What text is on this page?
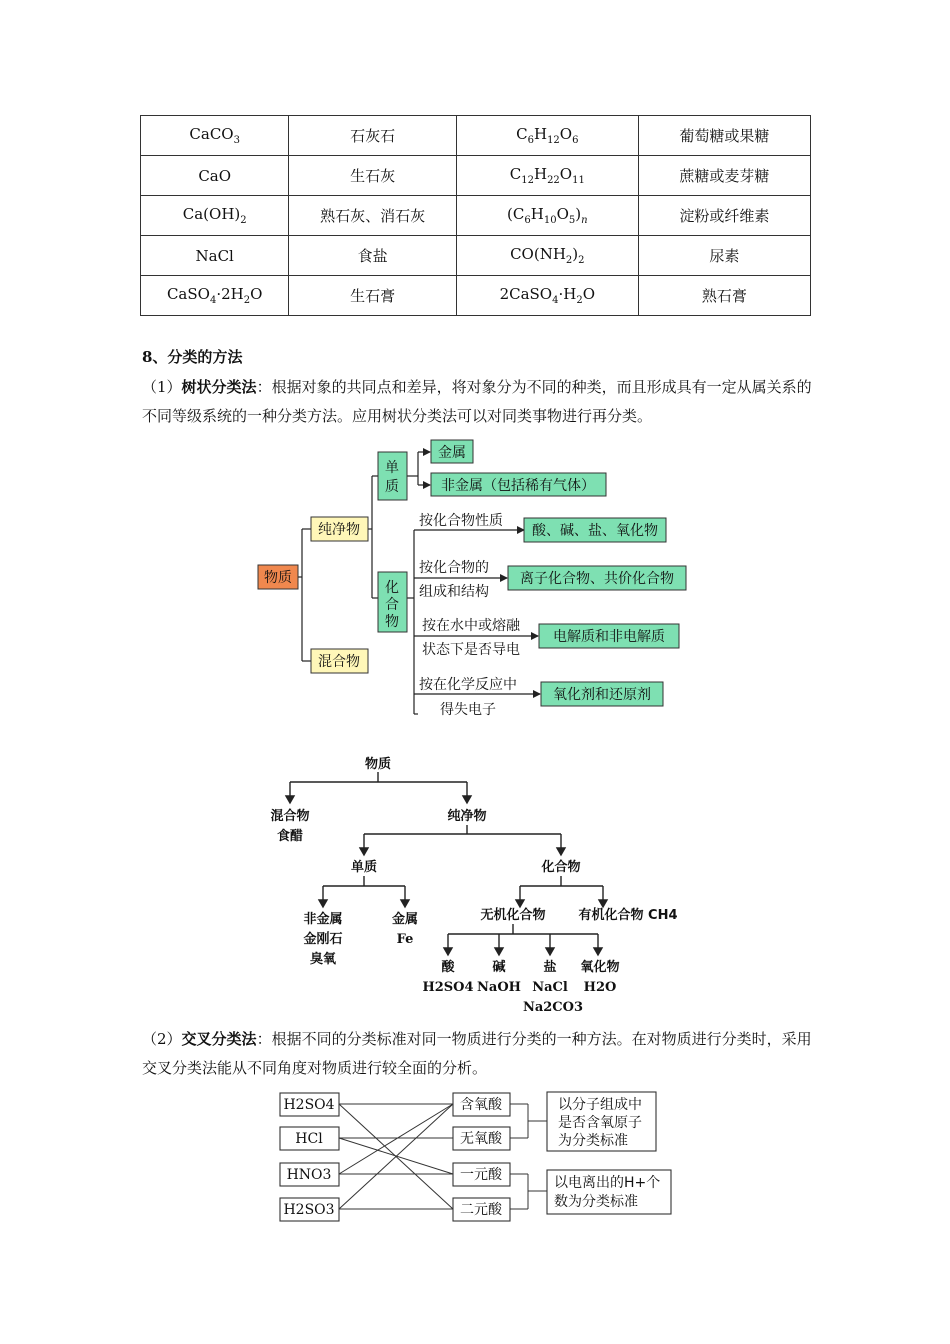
CaCO$_3$	石灰石	$C_6H_{12}O_6$	葡萄糖或果糖
CaO	生石灰	$C_{12}H_{22}O_{11}$	蔗糖或麦芽糖
$Ca(OH)_2$	熟石灰、消石灰	$(C_6H_{10}O_5)_n$	淀粉或纤维素
NaCl	食盐	$CO(NH_2)_2$	尿素
$CaSO_4\cdot 2H_2O$	生石膏	$2CaSO_4\cdot H_2O$	熟石膏
8、分类的方法
（1）树状分类法：根据对象的共同点和差异，将对象分为不同的种类，而且形成具有一定从属关系的不同等级系统的一种分类方法。应用树状分类法可以对同类事物进行再分类。
物质
纯净物
混合物
单
质
化
合
物
金属
非金属（包括稀有气体）
按化合物性质
酸、碱、盐、氧化物
按化合物的
组成和结构
离子化合物、共价化合物
按在水中或熔融
状态下是否导电
电解质和非电解质
按在化学反应中
得失电子
氧化剂和还原剂
物质
混合物
食醋
纯净物
单质	化合物
非金属
金刚石
臭氧
金属
Fe
无机化合物	有机化合物 CH4
酸
H2SO4
碱
NaOH
盐
NaCl
Na2CO3
氧化物
H2O
（2）交叉分类法：根据不同的分类标准对同一物质进行分类的一种方法。在对物质进行分类时，采用交叉分类法能从不同角度对物质进行较全面的分析。
H2SO4
HCl
HNO3
H2SO3
含氧酸
无氧酸
一元酸
二元酸
以分子组成中
是否含氧原子
为分类标准
以电离出的H+个
数为分类标准
